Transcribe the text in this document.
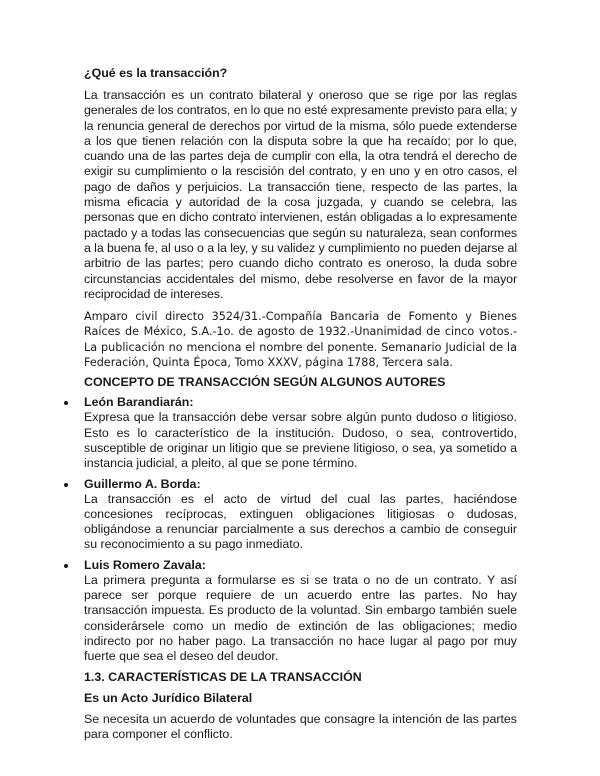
¿Qué es la transacción?

La transacción es un contrato bilateral y oneroso que se rige por las reglas generales de los contratos, en lo que no esté expresamente previsto para ella; y la renuncia general de derechos por virtud de la misma, sólo puede extenderse a los que tienen relación con la disputa sobre la que ha recaído; por lo que, cuando una de las partes deja de cumplir con ella, la otra tendrá el derecho de exigir su cumplimiento o la rescisión del contrato, y en uno y en otro casos, el pago de daños y perjuicios. La transacción tiene, respecto de las partes, la misma eficacia y autoridad de la cosa juzgada, y cuando se celebra, las personas que en dicho contrato intervienen, están obligadas a lo expresamente pactado y a todas las consecuencias que según su naturaleza, sean conformes a la buena fe, al uso o a la ley, y su validez y cumplimiento no pueden dejarse al arbitrio de las partes; pero cuando dicho contrato es oneroso, la duda sobre circunstancias accidentales del mismo, debe resolverse en favor de la mayor reciprocidad de intereses.

Amparo civil directo 3524/31.-Compañía Bancaria de Fomento y Bienes Raíces de México, S.A.-1o. de agosto de 1932.-Unanimidad de cinco votos.-La publicación no menciona el nombre del ponente. Semanario Judicial de la Federación, Quinta Época, Tomo XXXV, página 1788, Tercera sala.

CONCEPTO DE TRANSACCIÓN SEGÚN ALGUNOS AUTORES
León Barandiarán:

Expresa que la transacción debe versar sobre algún punto dudoso o litigioso. Esto es lo característico de la institución. Dudoso, o sea, controvertido, susceptible de originar un litigio que se previene litigioso, o sea, ya sometido a instancia judicial, a pleito, al que se pone término.

Guillermo A. Borda:

La transacción es el acto de virtud del cual las partes, haciéndose concesiones recíprocas, extinguen obligaciones litigiosas o dudosas, obligándose a renunciar parcialmente a sus derechos a cambio de conseguir su reconocimiento a su pago inmediato.

Luis Romero Zavala:

La primera pregunta a formularse es si se trata o no de un contrato. Y así parece ser porque requiere de un acuerdo entre las partes. No hay transacción impuesta. Es producto de la voluntad. Sin embargo también suele considerársele como un medio de extinción de las obligaciones; medio indirecto por no haber pago. La transacción no hace lugar al pago por muy fuerte que sea el deseo del deudor.

1.3. CARACTERÍSTICAS DE LA TRANSACCIÓN
Es un Acto Jurídico Bilateral

Se necesita un acuerdo de voluntades que consagre la intención de las partes para componer el conflicto.
